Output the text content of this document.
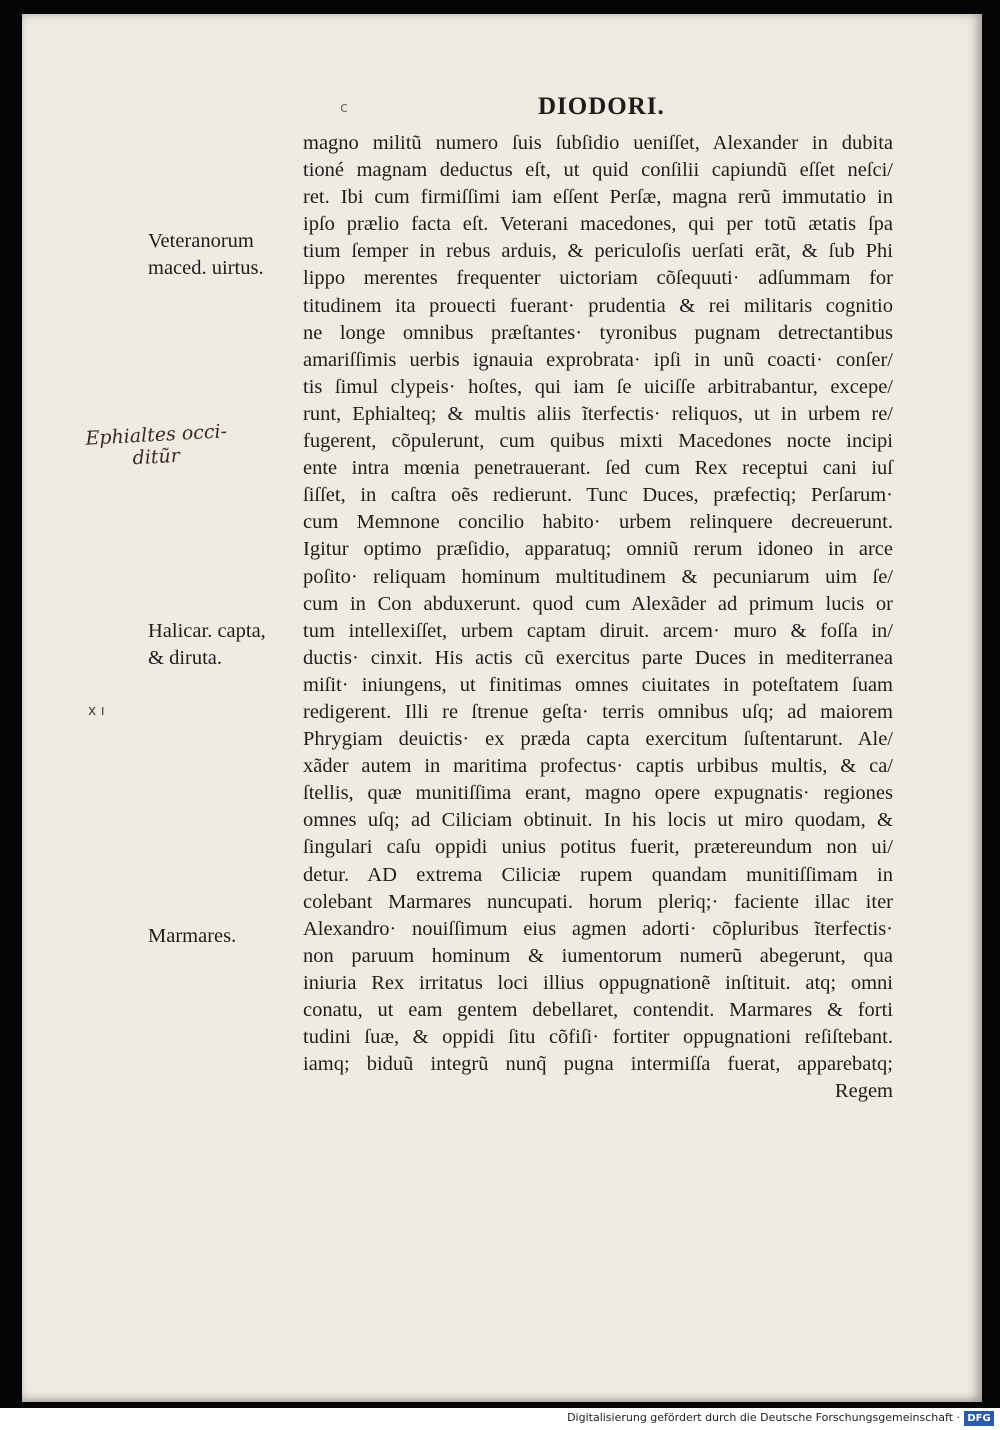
c	DIODORI.
Veteranorum
maced. uirtus.
Ephialtes occi-
ditũr
Halicar. capta,
& diruta.
x ı
Marmares.
magno militũ numero ſuis ſubſidio ueniſſet, Alexander in dubita
tioné magnam deductus eſt, ut quid conſilii capiundũ eſſet neſci/
ret. Ibi cum firmiſſimi iam eſſent Perſæ, magna rerũ immutatio in
ipſo prælio facta eſt. Veterani macedones, qui per totũ ætatis ſpa
tium ſemper in rebus arduis, & periculoſis uerſati erãt, & ſub Phi
lippo merentes frequenter uictoriam cõſequuti· adſummam for
titudinem ita prouecti fuerant· prudentia & rei militaris cognitio
ne longe omnibus præſtantes· tyronibus pugnam detrectantibus
amariſſimis uerbis ignauia exprobrata· ipſi in unũ coacti· conſer/
tis ſimul clypeis· hoſtes, qui iam ſe uiciſſe arbitrabantur, excepe/
runt, Ephialteq; & multis aliis ĩterfectis· reliquos, ut in urbem re/
fugerent, cõpulerunt, cum quibus mixti Macedones nocte incipi
ente intra mœnia penetrauerant. ſed cum Rex receptui cani iuſ
ſiſſet, in caſtra oẽs redierunt. Tunc Duces, præfectiq; Perſarum·
cum Memnone concilio habito· urbem relinquere decreuerunt.
Igitur optimo præſidio, apparatuq; omniũ rerum idoneo in arce
poſito· reliquam hominum multitudinem & pecuniarum uim ſe/
cum in Con abduxerunt. quod cum Alexãder ad primum lucis or
tum intellexiſſet, urbem captam diruit. arcem· muro & foſſa in/
ductis· cinxit. His actis cũ exercitus parte Duces in mediterranea
miſit· iniungens, ut finitimas omnes ciuitates in poteſtatem ſuam
redigerent. Illi re ſtrenue geſta· terris omnibus uſq; ad maiorem
Phrygiam deuictis· ex præda capta exercitum ſuſtentarunt. Ale/
xãder autem in maritima profectus· captis urbibus multis, & ca/
ſtellis, quæ munitiſſima erant, magno opere expugnatis· regiones
omnes uſq; ad Ciliciam obtinuit. In his locis ut miro quodam, &
ſingulari caſu oppidi unius potitus fuerit, prætereundum non ui/
detur. AD extrema Ciliciæ rupem quandam munitiſſimam in
colebant Marmares nuncupati. horum pleriq;· faciente illac iter
Alexandro· nouiſſimum eius agmen adorti· cõpluribus ĩterfectis·
non paruum hominum & iumentorum numerũ abegerunt, qua
iniuria Rex irritatus loci illius oppugnationẽ inſtituit. atq; omni
conatu, ut eam gentem debellaret, contendit. Marmares & forti
tudini ſuæ, & oppidi ſitu cõfiſi· fortiter oppugnationi reſiſtebant.
iamq; biduũ integrũ nunq̃ pugna intermiſſa fuerat, apparebatq;
Regem
Digitalisierung gefördert durch die Deutsche Forschungsgemeinschaft · DFG
